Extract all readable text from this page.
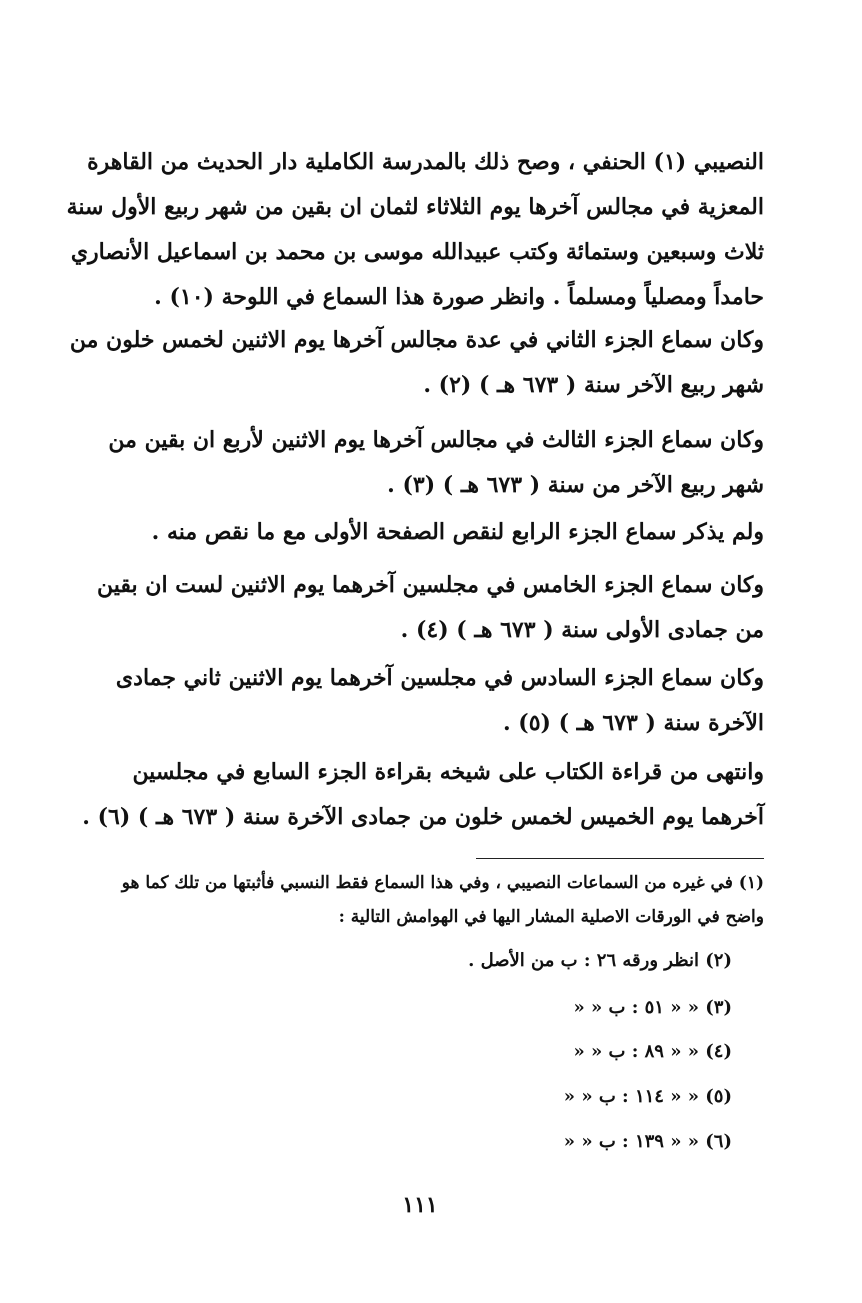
النصيبي (١) الحنفي ، وصح ذلك بالمدرسة الكاملية دار الحديث من القاهرة
المعزية في مجالس آخرها يوم الثلاثاء لثمان ان بقين من شهر ربيع الأول سنة
ثلاث وسبعين وستمائة وكتب عبيدالله موسى بن محمد بن اسماعيل الأنصاري
حامداً ومصلياً ومسلماً . وانظر صورة هذا السماع في اللوحة (١٠) .
وكان سماع الجزء الثاني في عدة مجالس آخرها يوم الاثنين لخمس خلون من
شهر ربيع الآخر سنة ( ٦٧٣ هـ ) (٢) .
وكان سماع الجزء الثالث في مجالس آخرها يوم الاثنين لأربع ان بقين من
شهر ربيع الآخر من سنة ( ٦٧٣ هـ ) (٣) .
ولم يذكر سماع الجزء الرابع لنقص الصفحة الأولى مع ما نقص منه .
وكان سماع الجزء الخامس في مجلسين آخرهما يوم الاثنين لست ان بقين
من جمادى الأولى سنة ( ٦٧٣ هـ ) (٤) .
وكان سماع الجزء السادس في مجلسين آخرهما يوم الاثنين ثاني جمادى
الآخرة سنة ( ٦٧٣ هـ ) (٥) .
وانتهى من قراءة الكتاب على شيخه بقراءة الجزء السابع في مجلسين
آخرهما يوم الخميس لخمس خلون من جمادى الآخرة سنة ( ٦٧٣ هـ ) (٦) .
(١) في غيره من السماعات النصيبي ، وفي هذا السماع فقط النسبي فأثبتها من تلك كما هو
واضح في الورقات الاصلية المشار اليها في الهوامش التالية :
(٢) انظر ورقه ٢٦ : ب من الأصل .
(٣) « « ٥١ : ب « «
(٤) « « ٨٩ : ب « «
(٥) « « ١١٤ : ب « «
(٦) « « ١٣٩ : ب « «
١١١
